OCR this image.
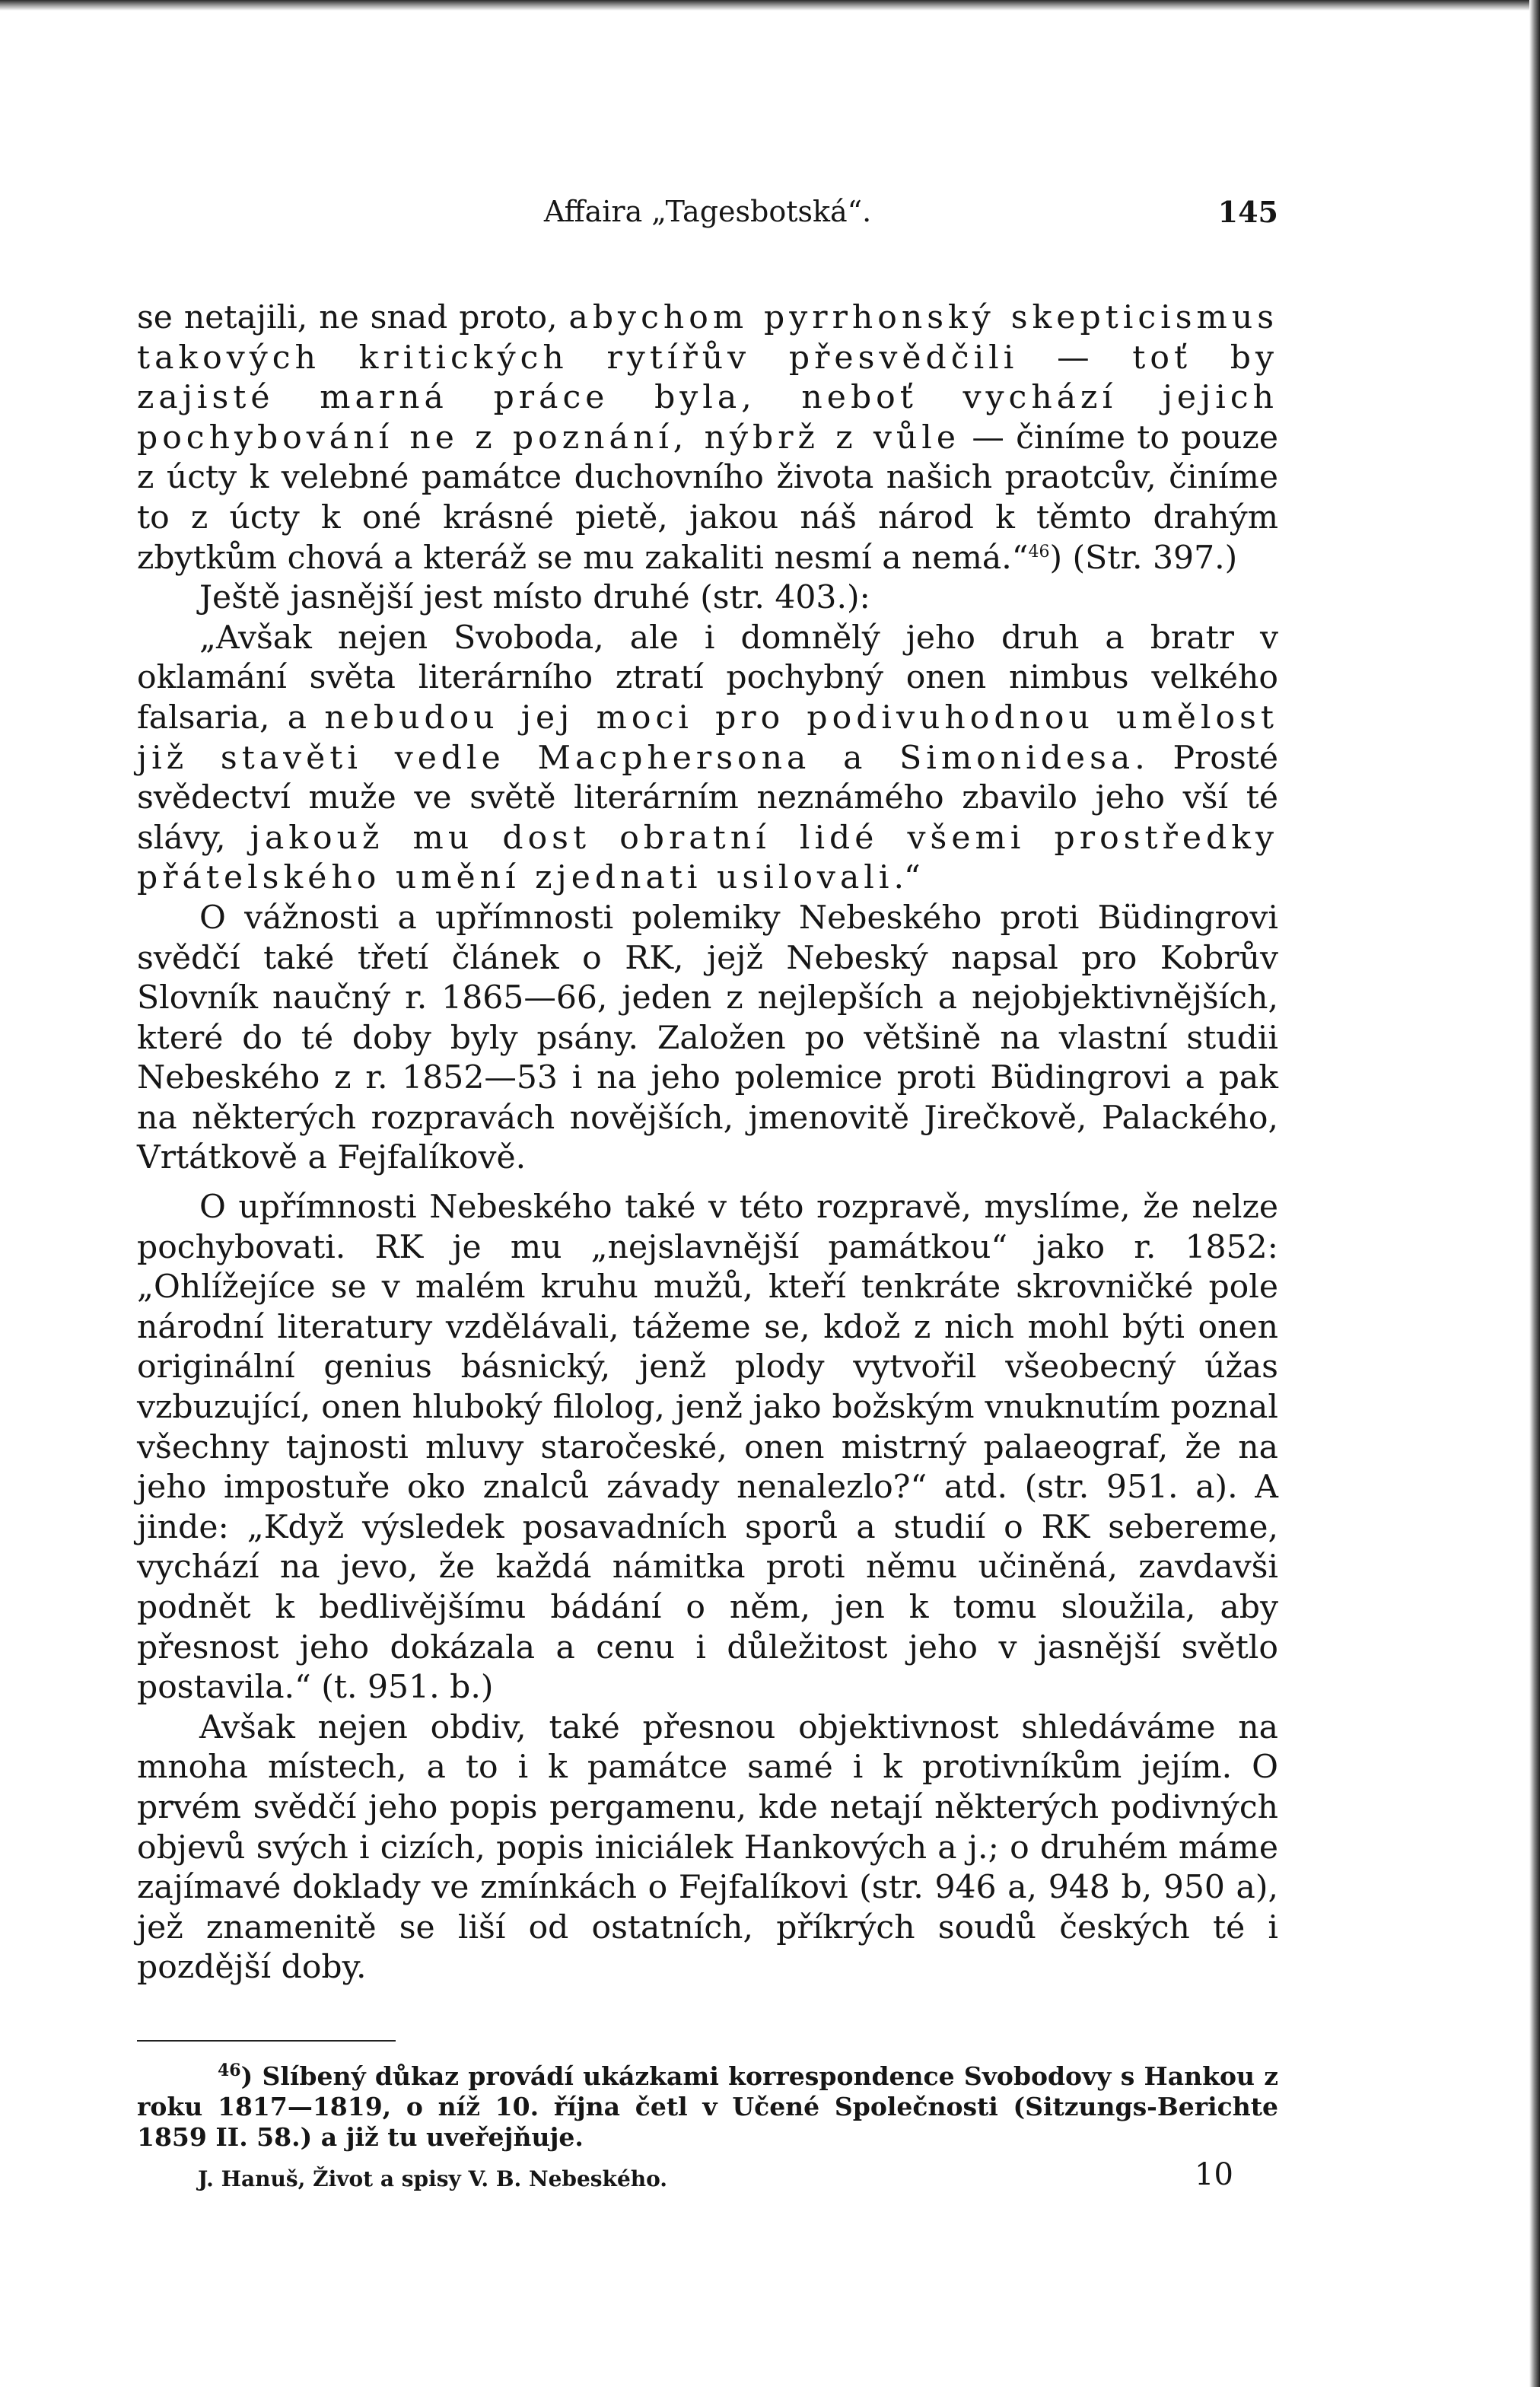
Affaira „Tagesbotská“.	145

se netajili, ne snad proto, abychom pyrrhonský skepticismus takových kritických rytířův přesvědčili — toť by zajisté marná práce byla, neboť vychází jejich pochybování ne z poznání, nýbrž z vůle — činíme to pouze z úcty k velebné památce duchovního života našich praotcův, činíme to z úcty k oné krásné pietě, jakou náš národ k těmto drahým zbytkům chová a kteráž se mu zakaliti nesmí a nemá.“$^{46}$) (Str. 397.)

Ještě jasnější jest místo druhé (str. 403.):

„Avšak nejen Svoboda, ale i domnělý jeho druh a bratr v oklamání světa literárního ztratí pochybný onen nimbus velkého falsaria, a nebudou jej moci pro podivuhodnou umělost již stavěti vedle Macphersona a Simonidesa. Prosté svědectví muže ve světě literárním neznámého zbavilo jeho vší té slávy, jakouž mu dost obratní lidé všemi prostředky přátelského umění zjednati usilovali.“

O vážnosti a upřímnosti polemiky Nebeského proti Büdingrovi svědčí také třetí článek o RK, jejž Nebeský napsal pro Kobrův Slovník naučný r. 1865—66, jeden z nejlepších a nejobjektivnějších, které do té doby byly psány. Založen po většině na vlastní studii Nebeského z r. 1852—53 i na jeho polemice proti Büdingrovi a pak na některých rozpravách novějších, jmenovitě Jirečkově, Palackého, Vrtátkově a Fejfalíkově.

O upřímnosti Nebeského také v této rozpravě, myslíme, že nelze pochybovati. RK je mu „nejslavnější památkou“ jako r. 1852: „Ohlížejíce se v malém kruhu mužů, kteří tenkráte skrovničké pole národní literatury vzdělávali, tážeme se, kdož z nich mohl býti onen originální genius básnický, jenž plody vytvořil všeobecný úžas vzbuzující, onen hluboký filolog, jenž jako božským vnuknutím poznal všechny tajnosti mluvy staročeské, onen mistrný palaeograf, že na jeho impostuře oko znalců závady nenalezlo?“ atd. (str. 951. a). A jinde: „Když výsledek posavadních sporů a studií o RK sebereme, vychází na jevo, že každá námitka proti němu učiněná, zavdavši podnět k bedlivějšímu bádání o něm, jen k tomu sloužila, aby přesnost jeho dokázala a cenu i důležitost jeho v jasnější světlo postavila.“ (t. 951. b.)

Avšak nejen obdiv, také přesnou objektivnost shledáváme na mnoha místech, a to i k památce samé i k protivníkům jejím. O prvém svědčí jeho popis pergamenu, kde netají některých podivných objevů svých i cizích, popis iniciálek Hankových a j.; o druhém máme zajímavé doklady ve zmínkách o Fejfalíkovi (str. 946 a, 948 b, 950 a), jež znamenitě se liší od ostatních, příkrých soudů českých té i pozdější doby.

$^{46}$) Slíbený důkaz provádí ukázkami korrespondence Svobodovy s Hankou z roku 1817—1819, o níž 10. října četl v Učené Společnosti (Sitzungs-Berichte 1859 II. 58.) a již tu uveřejňuje.

J. Hanuš, Život a spisy V. B. Nebeského.	10
